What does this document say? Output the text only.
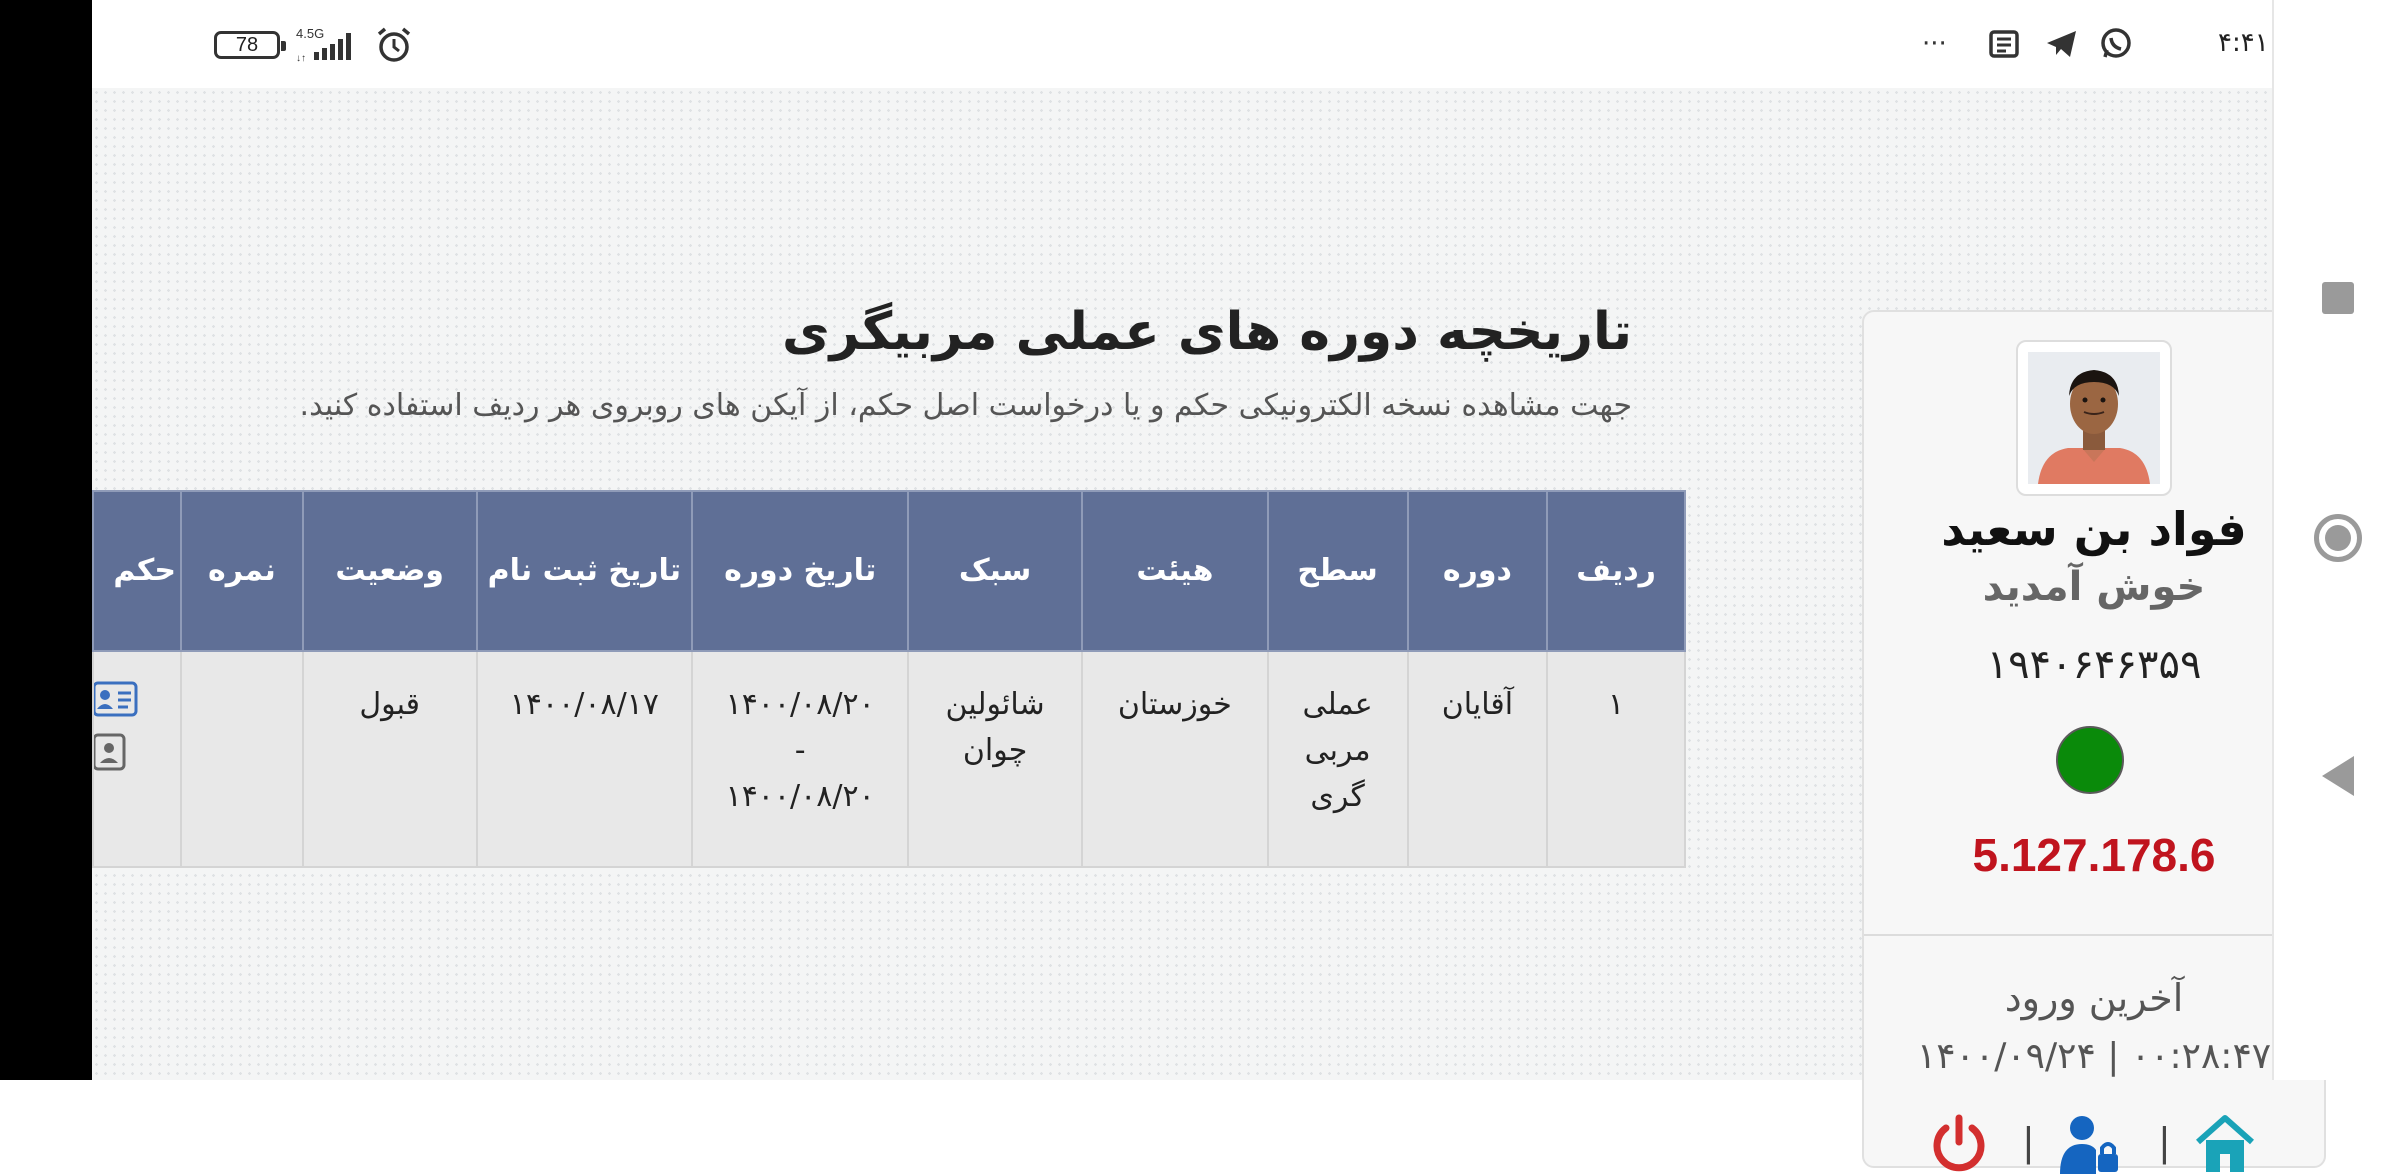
78
4.5G
↓↑	···	۴:۴۱
تاریخچه دوره های عملی مربیگری
جهت مشاهده نسخه الکترونیکی حکم و یا درخواست اصل حکم، از آیکن های روبروی هر ردیف استفاده کنید.
ردیف	دوره	سطح	هیئت	سبک	تاریخ دوره	تاریخ ثبت نام	وضعیت	نمره	حکم
۱	آقایان	عملی مربی گری	خوزستان	شائولین چوان	۱۴۰۰/۰۸/۲۰ - ۱۴۰۰/۰۸/۲۰	۱۴۰۰/۰۸/۱۷	قبول		
فواد بن سعید
خوش آمدید
۱۹۴۰۶۴۶۳۵۹
5.127.178.6
آخرین ورود
۱۴۰۰/۰۹/۲۴ | ۰۰:۲۸:۴۷
|	|
